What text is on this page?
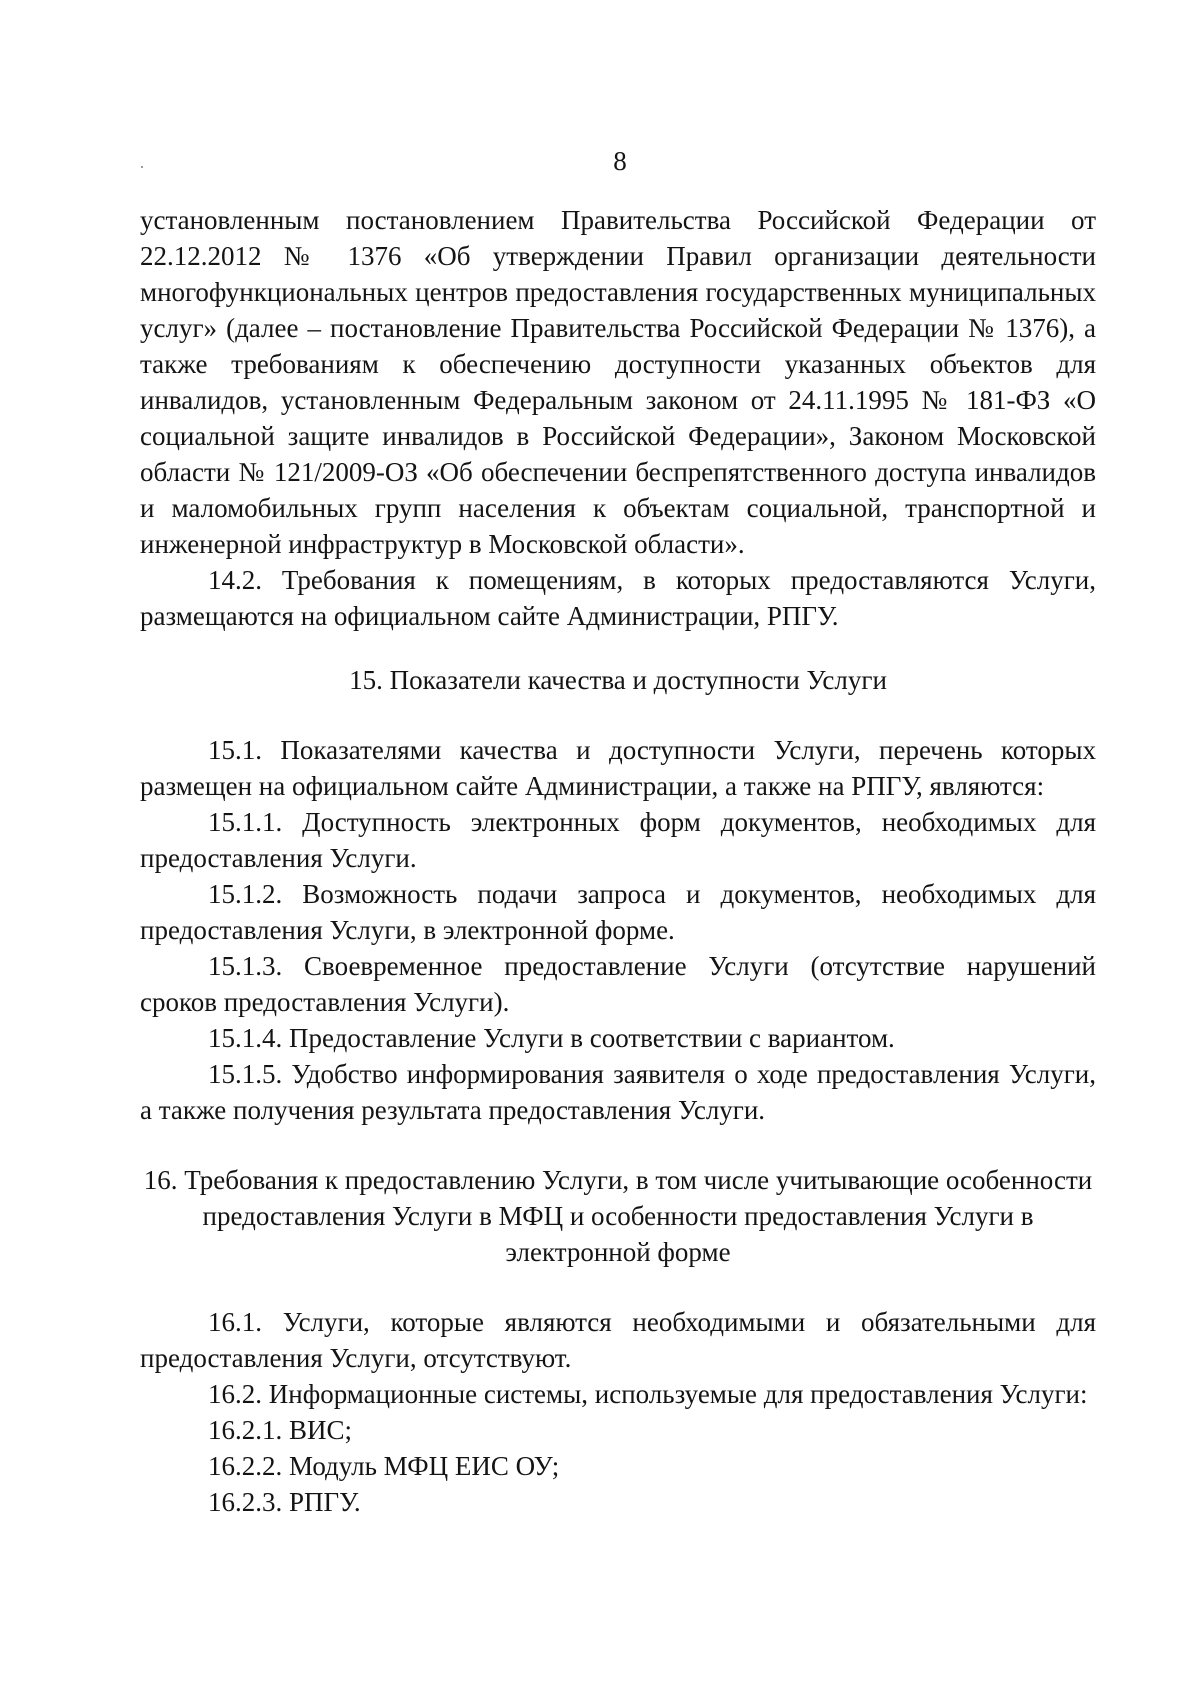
8

установленным постановлением Правительства Российской Федерации от 22.12.2012 № 1376 «Об утверждении Правил организации деятельности многофункциональных центров предоставления государственных муниципальных услуг» (далее – постановление Правительства Российской Федерации № 1376), а также требованиям к обеспечению доступности указанных объектов для инвалидов, установленным Федеральным законом от 24.11.1995 № 181-ФЗ «О социальной защите инвалидов в Российской Федерации», Законом Московской области № 121/2009-ОЗ «Об обеспечении беспрепятственного доступа инвалидов и маломобильных групп населения к объектам социальной, транспортной и инженерной инфраструктур в Московской области».

14.2. Требования к помещениям, в которых предоставляются Услуги, размещаются на официальном сайте Администрации, РПГУ.

15. Показатели качества и доступности Услуги

15.1. Показателями качества и доступности Услуги, перечень которых размещен на официальном сайте Администрации, а также на РПГУ, являются:

15.1.1. Доступность электронных форм документов, необходимых для предоставления Услуги.

15.1.2. Возможность подачи запроса и документов, необходимых для предоставления Услуги, в электронной форме.

15.1.3. Своевременное предоставление Услуги (отсутствие нарушений сроков предоставления Услуги).

15.1.4. Предоставление Услуги в соответствии с вариантом.

15.1.5. Удобство информирования заявителя о ходе предоставления Услуги, а также получения результата предоставления Услуги.

16. Требования к предоставлению Услуги, в том числе учитывающие особенности
предоставления Услуги в МФЦ и особенности предоставления Услуги в
электронной форме

16.1. Услуги, которые являются необходимыми и обязательными для предоставления Услуги, отсутствуют.

16.2. Информационные системы, используемые для предоставления Услуги:

16.2.1. ВИС;

16.2.2. Модуль МФЦ ЕИС ОУ;

16.2.3. РПГУ.
